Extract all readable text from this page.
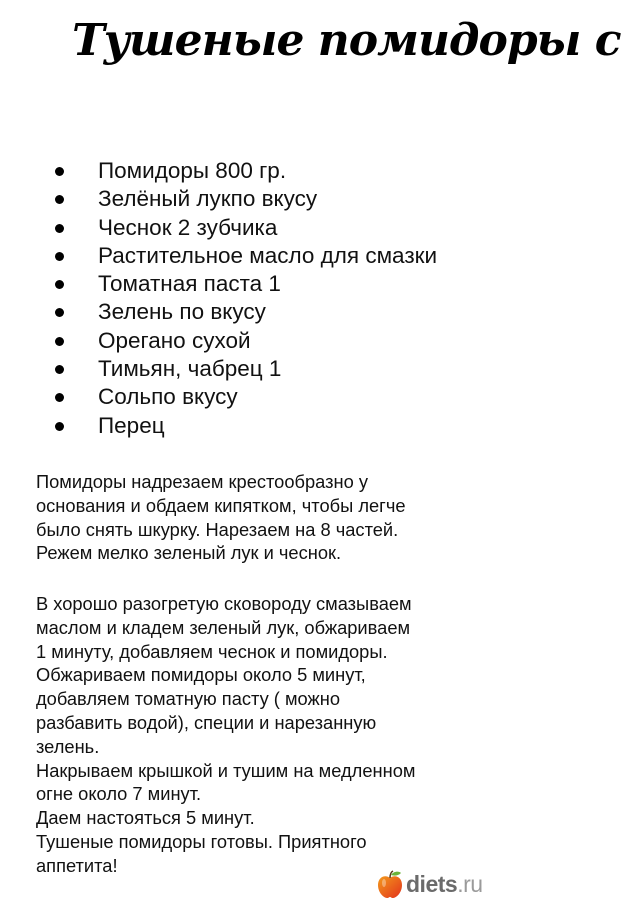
Тушеные помидоры с
Помидоры 800 гр.
Зелёный лукпо вкусу
Чеснок 2 зубчика
Растительное масло для смазки
Томатная паста 1
Зелень по вкусу
Орегано сухой
Тимьян, чабрец 1
Сольпо вкусу
Перец
Помидоры надрезаем крестообразно у
основания и обдаем кипятком, чтобы легче
было снять шкурку. Нарезаем на 8 частей.
Режем мелко зеленый лук и чеснок.
В хорошо разогретую сковороду смазываем
маслом и кладем зеленый лук, обжариваем
1 минуту, добавляем чеснок и помидоры.
Обжариваем помидоры около 5 минут,
добавляем томатную пасту ( можно
разбавить водой), специи и нарезанную
зелень.
Накрываем крышкой и тушим на медленном
огне около 7 минут.
Даем настояться 5 минут.
Тушеные помидоры готовы. Приятного
аппетита!
diets.ru
